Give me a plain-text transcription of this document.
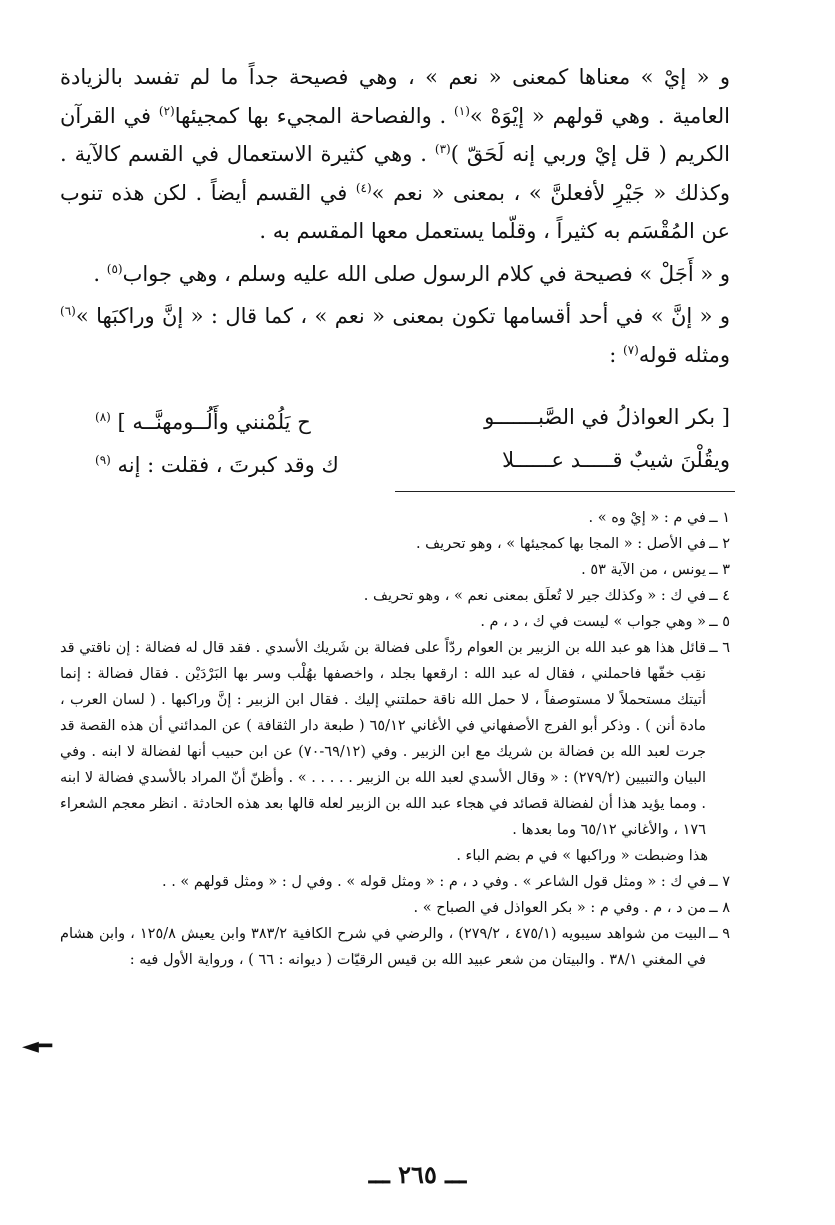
و « إيْ » معناها كمعنى « نعم » ، وهي فصيحة جداً ما لم تفسد بالزيادة العامية . وهي قولهم « إيْوَهْ »$^{(١)}$ . والفصاحة المجيء بها كمجيئها$^{(٢)}$ في القرآن الكريم ( قل إيْ وربي إنه لَحَقّ )$^{(٣)}$ . وهي كثيرة الاستعمال في القسم كالآية . وكذلك « جَيْرِ لأفعلنَّ » ، بمعنى « نعم »$^{(٤)}$ في القسم أيضاً . لكن هذه تنوب عن المُقْسَم به كثيراً ، وقلّما يستعمل معها المقسم به .

و « أَجَلْ » فصيحة في كلام الرسول صلى الله عليه وسلم ، وهي جواب$^{(٥)}$ .

و « إنَّ » في أحد أقسامها تكون بمعنى « نعم » ، كما قال : « إنَّ وراكبَها »$^{(٦)}$ ومثله قوله$^{(٧)}$ :

[ بكر العواذلُ في الصَّبـــــــو
ح يَلُمْنني وأَلُــومهنَّــه ] $^{(٨)}$
ويقُلْنَ شيبٌ قـــــد عــــــلا
ك وقد كبرتَ ، فقلت : إنه $^{(٩)}$
١ ــ
في م : « إيْ وه » .
٢ ــ
في الأصل : « المجا بها كمجيئها » ، وهو تحريف .
٣ ــ
يونس ، من الآية ٥٣ .
٤ ــ
في ك : « وكذلك جير لا تُعلَق بمعنى نعم » ، وهو تحريف .
٥ ــ
« وهي جواب » ليست في ك ، د ، م .
٦ ــ
قائل هذا هو عبد الله بن الزبير بن العوام ردّاً على فضالة بن شَريك الأسدي . فقد قال له فضالة : إن ناقتي قد نقِب خفّها فاحملني ، فقال له عبد الله : ارقعها بجلد ، واخصفها بهُلْب وسر بها البَرْدَيْن . فقال فضالة : إنما أتيتك مستحملاً لا مستوصفاً ، لا حمل الله ناقة حملتني إليك . فقال ابن الزبير : إنَّ وراكبها . ( لسان العرب ، مادة أنن ) . وذكر أبو الفرج الأصفهاني في الأغاني ٦٥/١٢ ( طبعة دار الثقافة ) عن المدائني أن هذه القصة قد جرت لعبد الله بن فضالة بن شريك مع ابن الزبير . وفي (٦٩/١٢-٧٠) عن ابن حبيب أنها لفضالة لا ابنه . وفي البيان والتبيين (٢٧٩/٢) : « وقال الأسدي لعبد الله بن الزبير . . . . . » . وأظنّ أنّ المراد بالأسدي فضالة لا ابنه . ومما يؤيد هذا أن لفضالة قصائد في هجاء عبد الله بن الزبير لعله قالها بعد هذه الحادثة . انظر معجم الشعراء ١٧٦ ، والأغاني ٦٥/١٢ وما بعدها .
هذا وضبطت « وراكبها » في م بضم الباء .
٧ ــ
في ك : « ومثل قول الشاعر » . وفي د ، م : « ومثل قوله » . وفي ل : « ومثل قولهم » . .
٨ ــ
من د ، م . وفي م : « بكر العواذل في الصباح » .
٩ ــ
البيت من شواهد سيبويه (٤٧٥/١ ، ٢٧٩/٢) ، والرضي في شرح الكافية ٣٨٣/٢ وابن يعيش ١٢٥/٨ ، وابن هشام في المغني ٣٨/١ . والبيتان من شعر عبيد الله بن قيس الرقيّات ( ديوانه : ٦٦ ) ، ورواية الأول فيه :
◄━
ـــ ٢٦٥ ـــ
